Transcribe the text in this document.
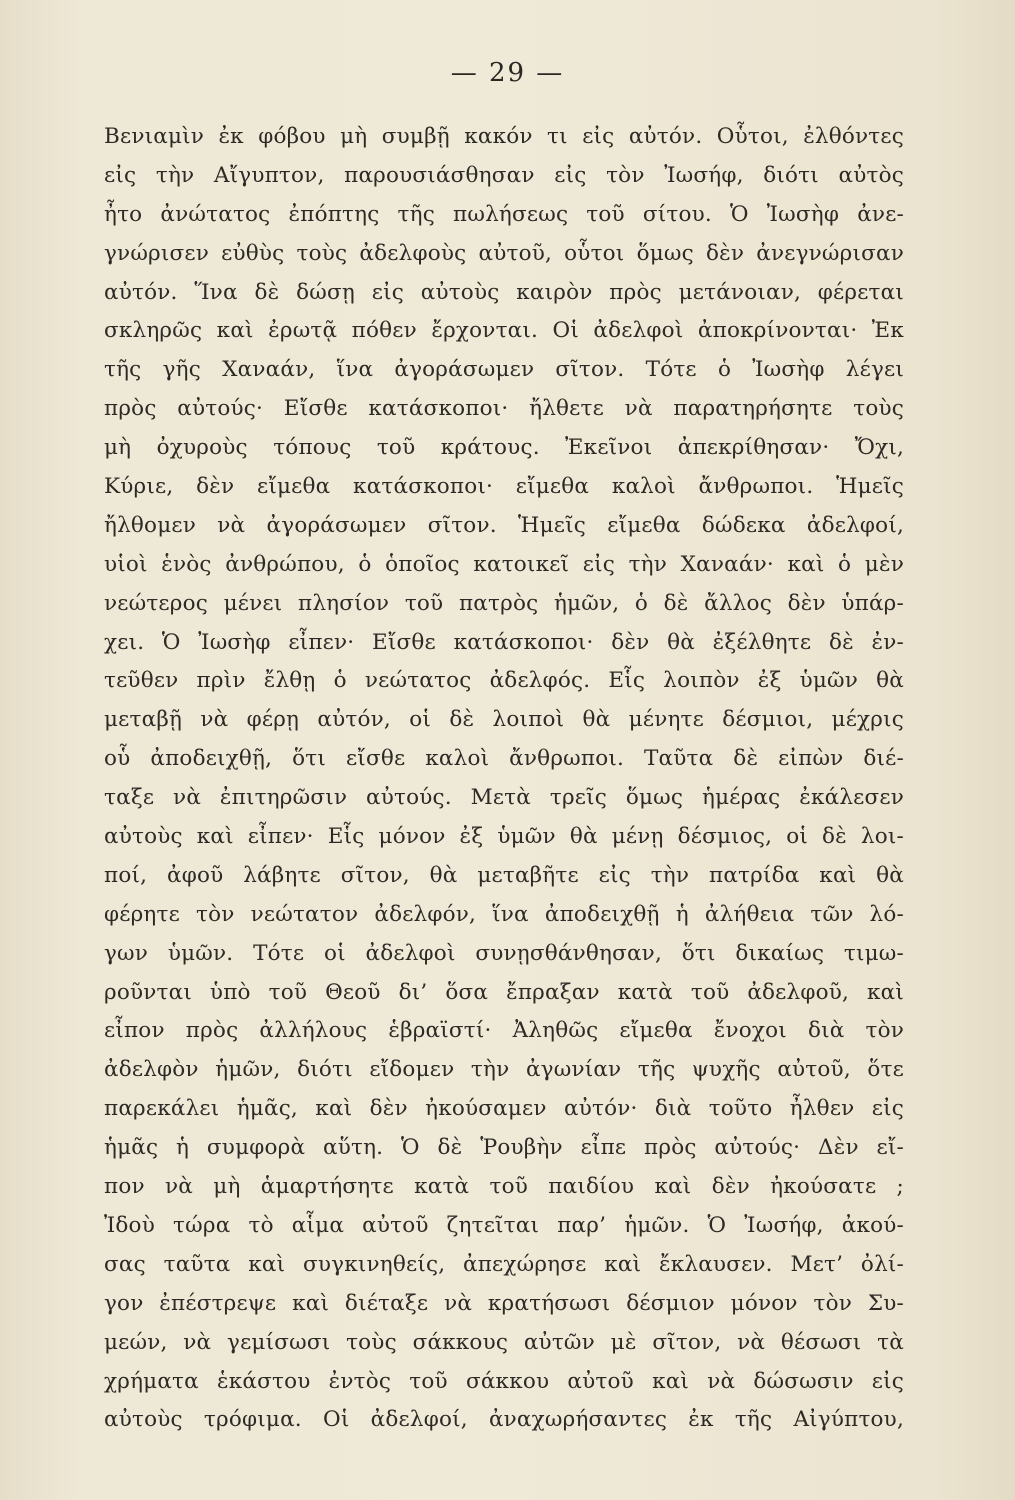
— 29 —
Βενιαμὶν ἐκ φόβου μὴ συμβῇ κακόν τι εἰς αὐτόν. Οὗτοι, ἐλθόντες
εἰς τὴν Αἴγυπτον, παρουσιάσθησαν εἰς τὸν Ἰωσήφ, διότι αὐτὸς
ἦτο ἀνώτατος ἐπόπτης τῆς πωλήσεως τοῦ σίτου. Ὁ Ἰωσὴφ ἀνε-
γνώρισεν εὐθὺς τοὺς ἀδελφοὺς αὐτοῦ, οὗτοι ὅμως δὲν ἀνεγνώρισαν
αὐτόν. Ἵνα δὲ δώσῃ εἰς αὐτοὺς καιρὸν πρὸς μετάνοιαν, φέρεται
σκληρῶς καὶ ἐρωτᾷ πόθεν ἔρχονται. Οἱ ἀδελφοὶ ἀποκρίνονται· Ἐκ
τῆς γῆς Χαναάν, ἵνα ἀγοράσωμεν σῖτον. Τότε ὁ Ἰωσὴφ λέγει
πρὸς αὐτούς· Εἴσθε κατάσκοποι· ἤλθετε νὰ παρατηρήσητε τοὺς
μὴ ὀχυροὺς τόπους τοῦ κράτους. Ἐκεῖνοι ἀπεκρίθησαν· Ὄχι,
Κύριε, δὲν εἴμεθα κατάσκοποι· εἴμεθα καλοὶ ἄνθρωποι. Ἡμεῖς
ἤλθομεν νὰ ἀγοράσωμεν σῖτον. Ἡμεῖς εἴμεθα δώδεκα ἀδελφοί,
υἱοὶ ἑνὸς ἀνθρώπου, ὁ ὁποῖος κατοικεῖ εἰς τὴν Χαναάν· καὶ ὁ μὲν
νεώτερος μένει πλησίον τοῦ πατρὸς ἡμῶν, ὁ δὲ ἄλλος δὲν ὑπάρ-
χει. Ὁ Ἰωσὴφ εἶπεν· Εἴσθε κατάσκοποι· δὲν θὰ ἐξέλθητε δὲ ἐν-
τεῦθεν πρὶν ἔλθῃ ὁ νεώτατος ἀδελφός. Εἷς λοιπὸν ἐξ ὑμῶν θὰ
μεταβῇ νὰ φέρῃ αὐτόν, οἱ δὲ λοιποὶ θὰ μένητε δέσμιοι, μέχρις
οὗ ἀποδειχθῇ, ὅτι εἴσθε καλοὶ ἄνθρωποι. Ταῦτα δὲ εἰπὼν διέ-
ταξε νὰ ἐπιτηρῶσιν αὐτούς. Μετὰ τρεῖς ὅμως ἡμέρας ἐκάλεσεν
αὐτοὺς καὶ εἶπεν· Εἷς μόνον ἐξ ὑμῶν θὰ μένῃ δέσμιος, οἱ δὲ λοι-
ποί, ἀφοῦ λάβητε σῖτον, θὰ μεταβῆτε εἰς τὴν πατρίδα καὶ θὰ
φέρητε τὸν νεώτατον ἀδελφόν, ἵνα ἀποδειχθῇ ἡ ἀλήθεια τῶν λό-
γων ὑμῶν. Τότε οἱ ἀδελφοὶ συνῃσθάνθησαν, ὅτι δικαίως τιμω-
ροῦνται ὑπὸ τοῦ Θεοῦ δι’ ὅσα ἔπραξαν κατὰ τοῦ ἀδελφοῦ, καὶ
εἶπον πρὸς ἀλλήλους ἑβραϊστί· Ἀληθῶς εἴμεθα ἔνοχοι διὰ τὸν
ἀδελφὸν ἡμῶν, διότι εἴδομεν τὴν ἀγωνίαν τῆς ψυχῆς αὐτοῦ, ὅτε
παρεκάλει ἡμᾶς, καὶ δὲν ἠκούσαμεν αὐτόν· διὰ τοῦτο ἦλθεν εἰς
ἡμᾶς ἡ συμφορὰ αὕτη. Ὁ δὲ Ῥουβὴν εἶπε πρὸς αὐτούς· Δὲν εἴ-
πον νὰ μὴ ἁμαρτήσητε κατὰ τοῦ παιδίου καὶ δὲν ἠκούσατε ;
Ἰδοὺ τώρα τὸ αἷμα αὐτοῦ ζητεῖται παρ’ ἡμῶν. Ὁ Ἰωσήφ, ἀκού-
σας ταῦτα καὶ συγκινηθείς, ἀπεχώρησε καὶ ἔκλαυσεν. Μετ’ ὀλί-
γον ἐπέστρεψε καὶ διέταξε νὰ κρατήσωσι δέσμιον μόνον τὸν Συ-
μεών, νὰ γεμίσωσι τοὺς σάκκους αὐτῶν μὲ σῖτον, νὰ θέσωσι τὰ
χρήματα ἑκάστου ἐντὸς τοῦ σάκκου αὐτοῦ καὶ νὰ δώσωσιν εἰς
αὐτοὺς τρόφιμα. Οἱ ἀδελφοί, ἀναχωρήσαντες ἐκ τῆς Αἰγύπτου,
